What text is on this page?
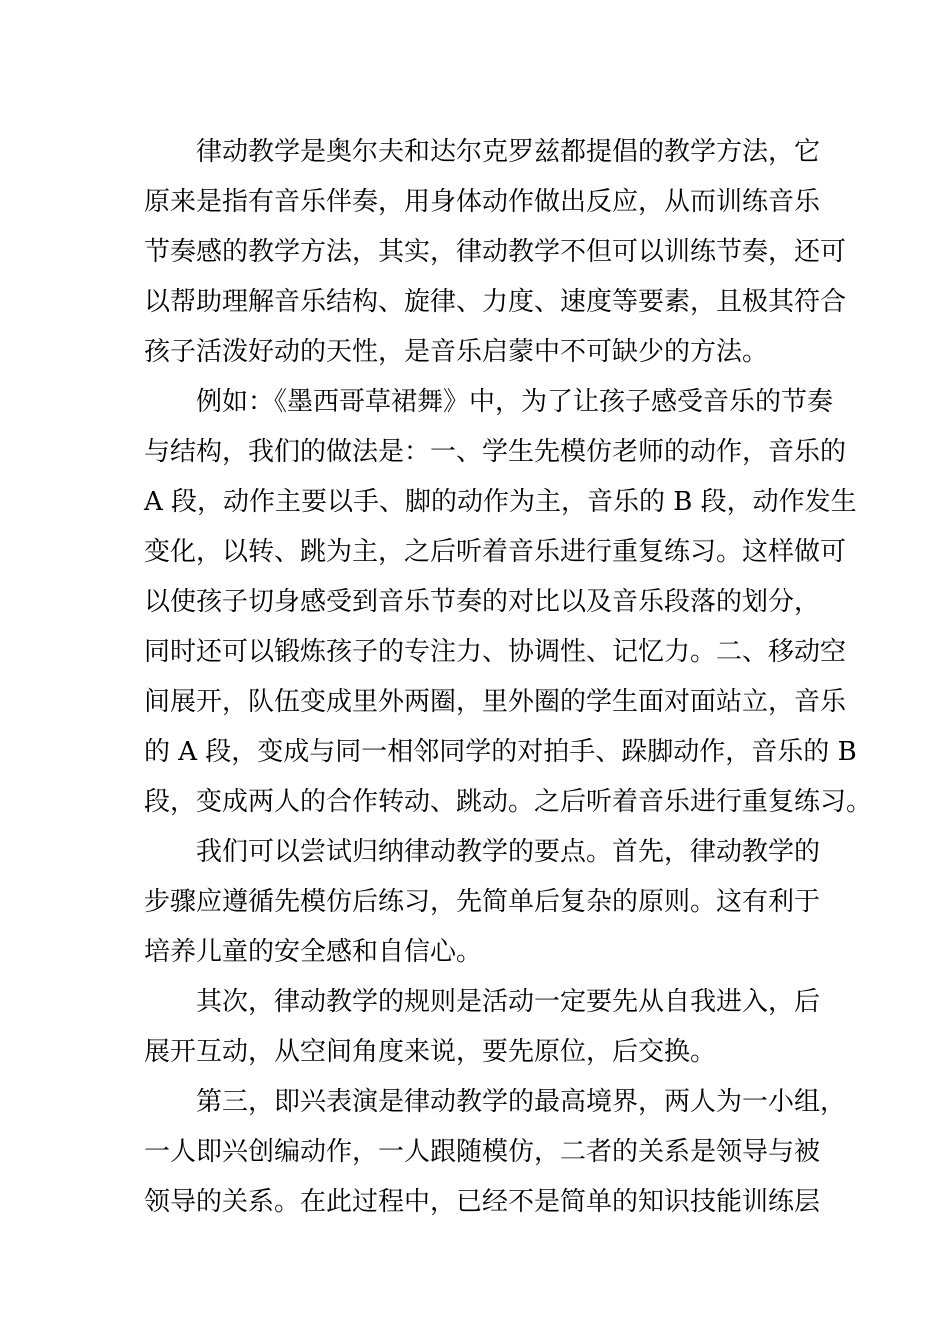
律动教学是奥尔夫和达尔克罗兹都提倡的教学方法，它
原来是指有音乐伴奏，用身体动作做出反应，从而训练音乐
节奏感的教学方法，其实，律动教学不但可以训练节奏，还可
以帮助理解音乐结构、旋律、力度、速度等要素，且极其符合
孩子活泼好动的天性，是音乐启蒙中不可缺少的方法。
例如：《墨西哥草裙舞》中，为了让孩子感受音乐的节奏
与结构，我们的做法是：一、学生先模仿老师的动作，音乐的
A 段，动作主要以手、脚的动作为主，音乐的 B 段，动作发生
变化，以转、跳为主，之后听着音乐进行重复练习。这样做可
以使孩子切身感受到音乐节奏的对比以及音乐段落的划分，
同时还可以锻炼孩子的专注力、协调性、记忆力。二、移动空
间展开，队伍变成里外两圈，里外圈的学生面对面站立，音乐
的 A 段，变成与同一相邻同学的对拍手、跺脚动作，音乐的 B
段，变成两人的合作转动、跳动。之后听着音乐进行重复练习。
我们可以尝试归纳律动教学的要点。首先，律动教学的
步骤应遵循先模仿后练习，先简单后复杂的原则。这有利于
培养儿童的安全感和自信心。
其次，律动教学的规则是活动一定要先从自我进入，后
展开互动，从空间角度来说，要先原位，后交换。
第三，即兴表演是律动教学的最高境界，两人为一小组，
一人即兴创编动作，一人跟随模仿，二者的关系是领导与被
领导的关系。在此过程中，已经不是简单的知识技能训练层
